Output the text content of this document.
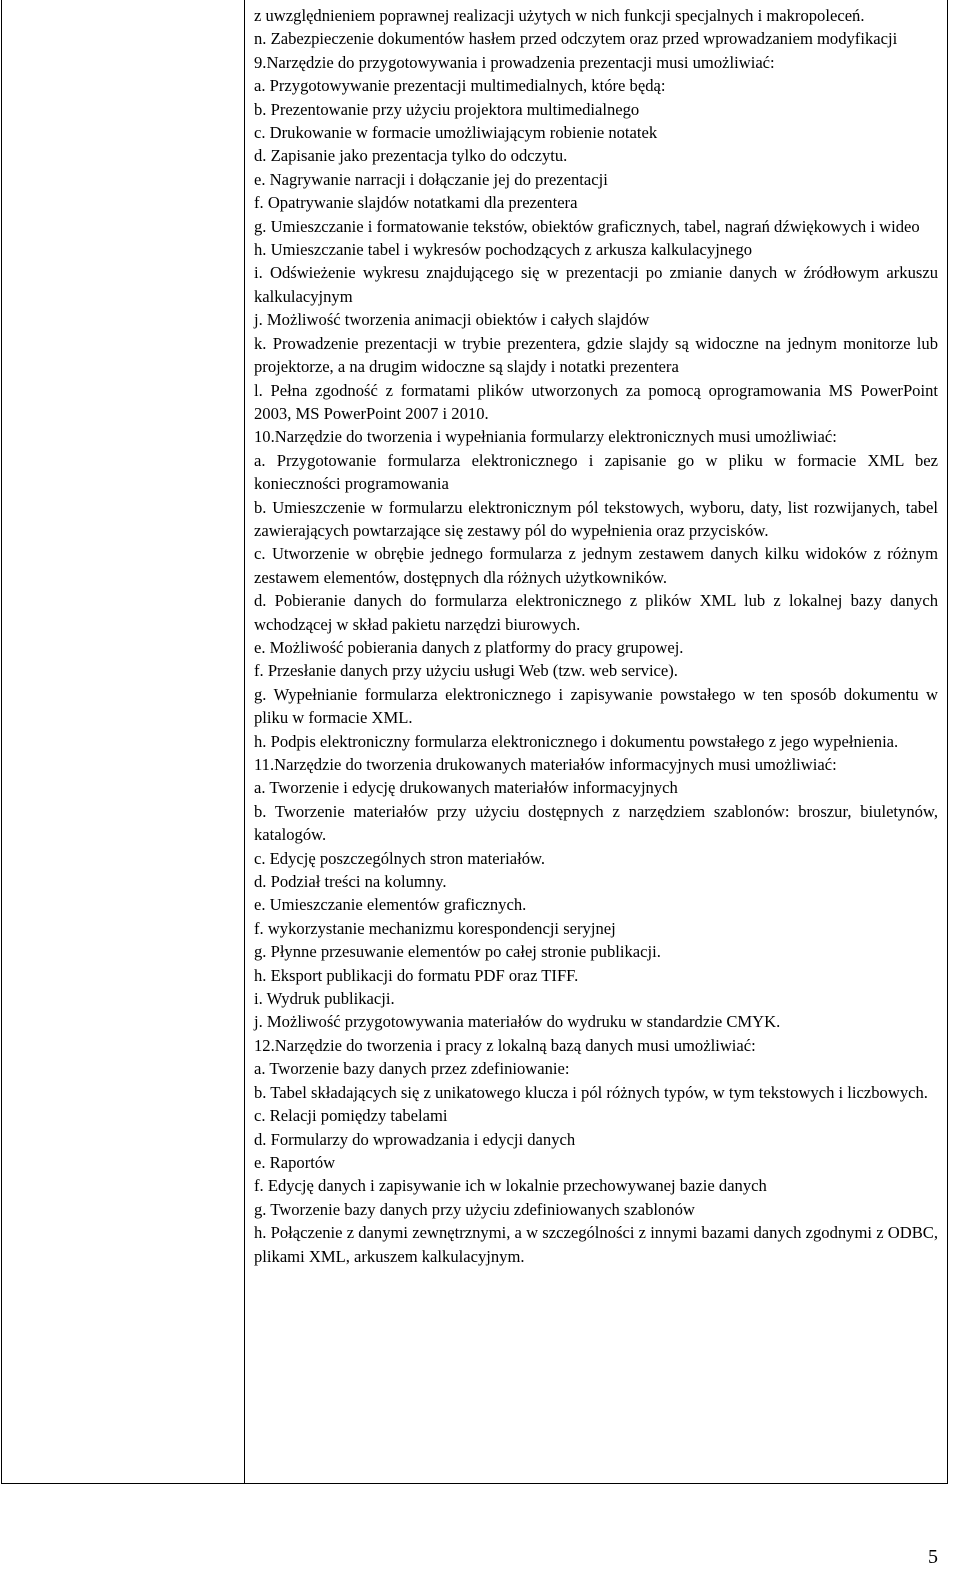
z uwzględnieniem poprawnej realizacji użytych w nich funkcji specjalnych i makropoleceń.

n. Zabezpieczenie dokumentów hasłem przed odczytem oraz przed wprowadzaniem modyfikacji

9.Narzędzie do przygotowywania i prowadzenia prezentacji musi umożliwiać:

a. Przygotowywanie prezentacji multimedialnych, które będą:

b. Prezentowanie przy użyciu projektora multimedialnego

c. Drukowanie w formacie umożliwiającym robienie notatek

d. Zapisanie jako prezentacja tylko do odczytu.

e. Nagrywanie narracji i dołączanie jej do prezentacji

f. Opatrywanie slajdów notatkami dla prezentera

g. Umieszczanie i formatowanie tekstów, obiektów graficznych, tabel, nagrań dźwiękowych i wideo

h. Umieszczanie tabel i wykresów pochodzących z arkusza kalkulacyjnego

i. Odświeżenie wykresu znajdującego się w prezentacji po zmianie danych w źródłowym arkuszu kalkulacyjnym

j. Możliwość tworzenia animacji obiektów i całych slajdów

k. Prowadzenie prezentacji w trybie prezentera, gdzie slajdy są widoczne na jednym monitorze lub projektorze, a na drugim widoczne są slajdy i notatki prezentera

l. Pełna zgodność z formatami plików utworzonych za pomocą oprogramowania MS PowerPoint 2003, MS PowerPoint 2007 i 2010.

10.Narzędzie do tworzenia i wypełniania formularzy elektronicznych musi umożliwiać:

a. Przygotowanie formularza elektronicznego i zapisanie go w pliku w formacie XML bez konieczności programowania

b. Umieszczenie w formularzu elektronicznym pól tekstowych, wyboru, daty, list rozwijanych, tabel zawierających powtarzające się zestawy pól do wypełnienia oraz przycisków.

c. Utworzenie w obrębie jednego formularza z jednym zestawem danych kilku widoków z różnym zestawem elementów, dostępnych dla różnych użytkowników.

d. Pobieranie danych do formularza elektronicznego z plików XML lub z lokalnej bazy danych wchodzącej w skład pakietu narzędzi biurowych.

e. Możliwość pobierania danych z platformy do pracy grupowej.

f. Przesłanie danych przy użyciu usługi Web (tzw. web service).

g. Wypełnianie formularza elektronicznego i zapisywanie powstałego w ten sposób dokumentu w pliku w formacie XML.

h. Podpis elektroniczny formularza elektronicznego i dokumentu powstałego z jego wypełnienia.

11.Narzędzie do tworzenia drukowanych materiałów informacyjnych musi umożliwiać:

a. Tworzenie i edycję drukowanych materiałów informacyjnych

b. Tworzenie materiałów przy użyciu dostępnych z narzędziem szablonów: broszur, biuletynów, katalogów.

c. Edycję poszczególnych stron materiałów.

d. Podział treści na kolumny.

e. Umieszczanie elementów graficznych.

f. wykorzystanie mechanizmu korespondencji seryjnej

g. Płynne przesuwanie elementów po całej stronie publikacji.

h. Eksport publikacji do formatu PDF oraz TIFF.

i. Wydruk publikacji.

j. Możliwość przygotowywania materiałów do wydruku w standardzie CMYK.

12.Narzędzie do tworzenia i pracy z lokalną bazą danych musi umożliwiać:

a. Tworzenie bazy danych przez zdefiniowanie:

b. Tabel składających się z unikatowego klucza i pól różnych typów, w tym tekstowych i liczbowych.

c. Relacji pomiędzy tabelami

d. Formularzy do wprowadzania i edycji danych

e. Raportów

f. Edycję danych i zapisywanie ich w lokalnie przechowywanej bazie danych

g. Tworzenie bazy danych przy użyciu zdefiniowanych szablonów

h. Połączenie z danymi zewnętrznymi, a w szczególności z innymi bazami danych zgodnymi z ODBC, plikami XML, arkuszem kalkulacyjnym.

5
